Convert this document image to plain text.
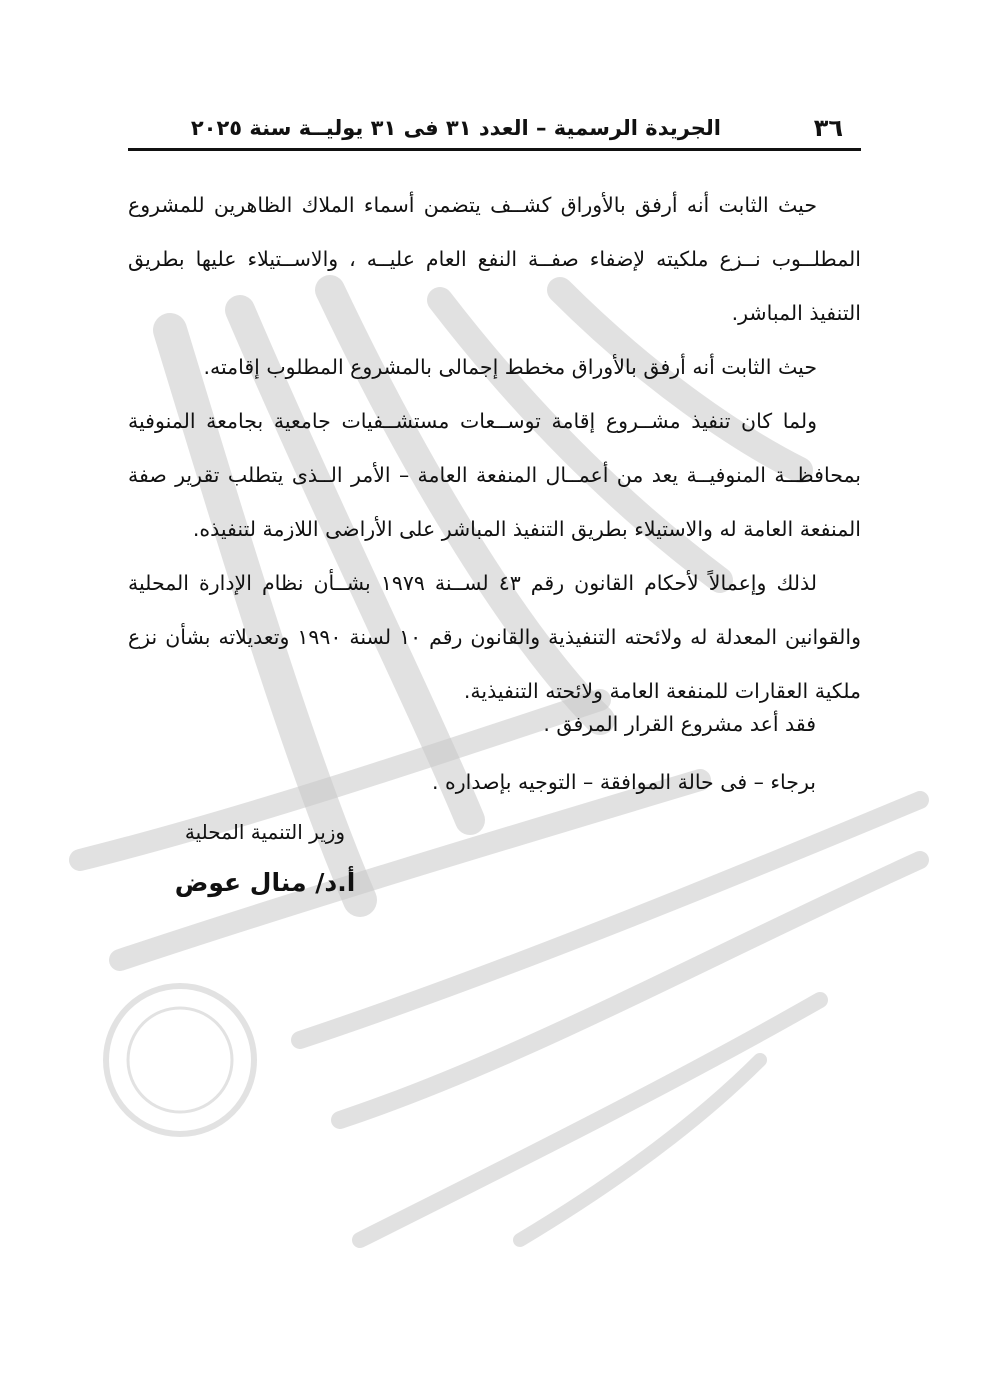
٣٦
الجريدة الرسمية – العدد ٣١ فى ٣١ يوليــة سنة ٢٠٢٥

حيث الثابت أنه أرفق بالأوراق كشــف يتضمن أسماء الملاك الظاهرين للمشروع المطلــوب نــزع ملكيته لإضفاء صفــة النفع العام عليــه ، والاســتيلاء عليها بطريق التنفيذ المباشر.

حيث الثابت أنه أرفق بالأوراق مخطط إجمالى بالمشروع المطلوب إقامته.

ولما كان تنفيذ مشــروع إقامة توســعات مستشــفيات جامعية بجامعة المنوفية بمحافظــة المنوفيــة يعد من أعمــال المنفعة العامة – الأمر الــذى يتطلب تقرير صفة المنفعة العامة له والاستيلاء بطريق التنفيذ المباشر على الأراضى اللازمة لتنفيذه.

لذلك وإعمالاً لأحكام القانون رقم ٤٣ لســنة ١٩٧٩ بشــأن نظام الإدارة المحلية والقوانين المعدلة له ولائحته التنفيذية والقانون رقم ١٠ لسنة ١٩٩٠ وتعديلاته بشأن نزع ملكية العقارات للمنفعة العامة ولائحته التنفيذية.

فقد أعد مشروع القرار المرفق .
برجاء – فى حالة الموافقة – التوجيه بإصداره .
وزير التنمية المحلية
أ.د/ منال عوض
